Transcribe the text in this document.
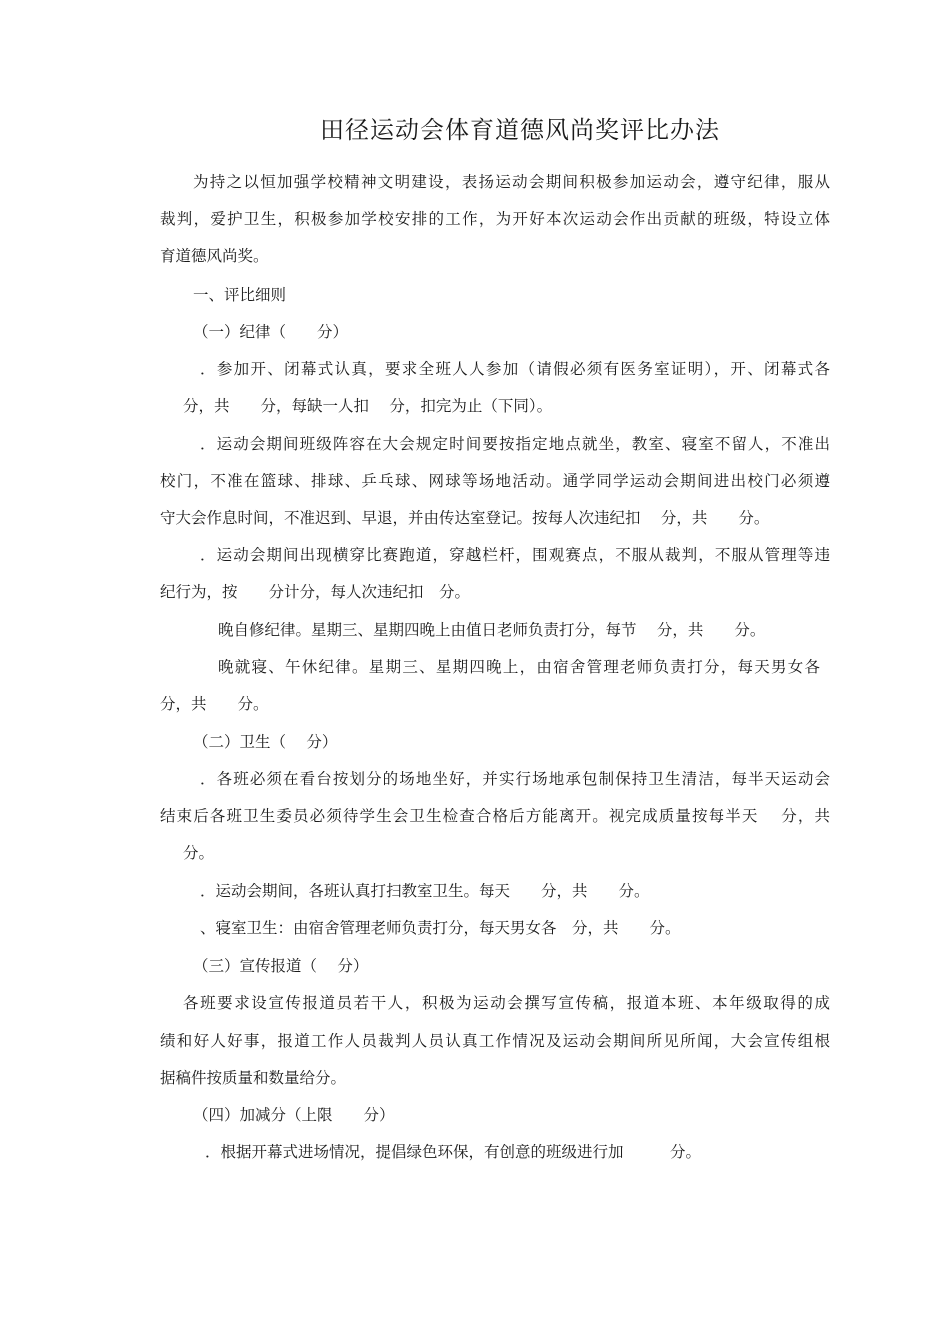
田径运动会体育道德风尚奖评比办法
为持之以恒加强学校精神文明建设，表扬运动会期间积极参加运动会，遵守纪律，服从
裁判，爱护卫生，积极参加学校安排的工作，为开好本次运动会作出贡献的班级，特设立体
育道德风尚奖。
一、评比细则
（一）纪律（　　分）
．参加开、闭幕式认真，要求全班人人参加（请假必须有医务室证明），开、闭幕式各
分，共　　分，每缺一人扣　 分，扣完为止（下同）。
．运动会期间班级阵容在大会规定时间要按指定地点就坐，教室、寝室不留人，不准出
校门，不准在篮球、排球、乒乓球、网球等场地活动。通学同学运动会期间进出校门必须遵
守大会作息时间，不准迟到、早退，并由传达室登记。按每人次违纪扣　 分，共　　分。
．运动会期间出现横穿比赛跑道，穿越栏杆，围观赛点，不服从裁判，不服从管理等违
纪行为，按　　分计分，每人次违纪扣　分。
晚自修纪律。星期三、星期四晚上由值日老师负责打分，每节　 分，共　　分。
晚就寝、午休纪律。星期三、星期四晚上，由宿舍管理老师负责打分，每天男女各
分，共　　分。
（二）卫生（　 分）
．各班必须在看台按划分的场地坐好，并实行场地承包制保持卫生清洁，每半天运动会
结束后各班卫生委员必须待学生会卫生检查合格后方能离开。视完成质量按每半天　 分，共
分。
．运动会期间，各班认真打扫教室卫生。每天　　分，共　　分。
、寝室卫生：由宿舍管理老师负责打分，每天男女各　分，共　　分。
（三）宣传报道（　 分）
各班要求设宣传报道员若干人，积极为运动会撰写宣传稿，报道本班、本年级取得的成
绩和好人好事，报道工作人员裁判人员认真工作情况及运动会期间所见所闻，大会宣传组根
据稿件按质量和数量给分。
（四）加减分（上限　　分）
．根据开幕式进场情况，提倡绿色环保，有创意的班级进行加　　　分。
